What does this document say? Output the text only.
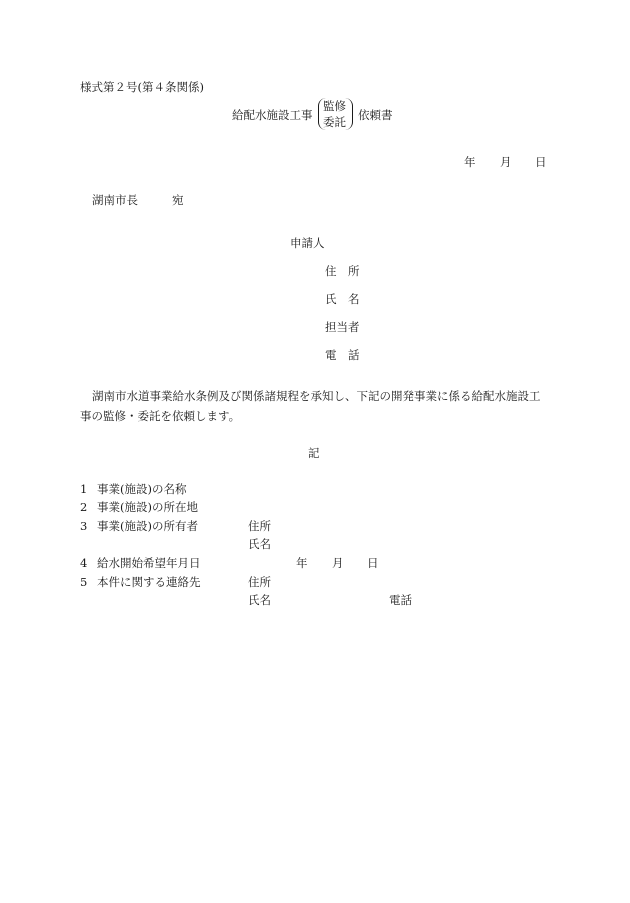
様式第２号(第４条関係)
給配水施設工事
監修
委託 依頼書
年 月 日
湖南市長	宛
申請人
住　所
氏　名
担当者
電　話
湖南市水道事業給水条例及び関係諸規程を承知し、下記の開発事業に係る給配水施設工
事の監修・委託を依頼します。
記
1 事業(施設)の名称
2 事業(施設)の所在地
3 事業(施設)の所有者	住所
氏名
4 給水開始希望年月日	年 月 日
5 本件に関する連絡先	住所
氏名	電話
